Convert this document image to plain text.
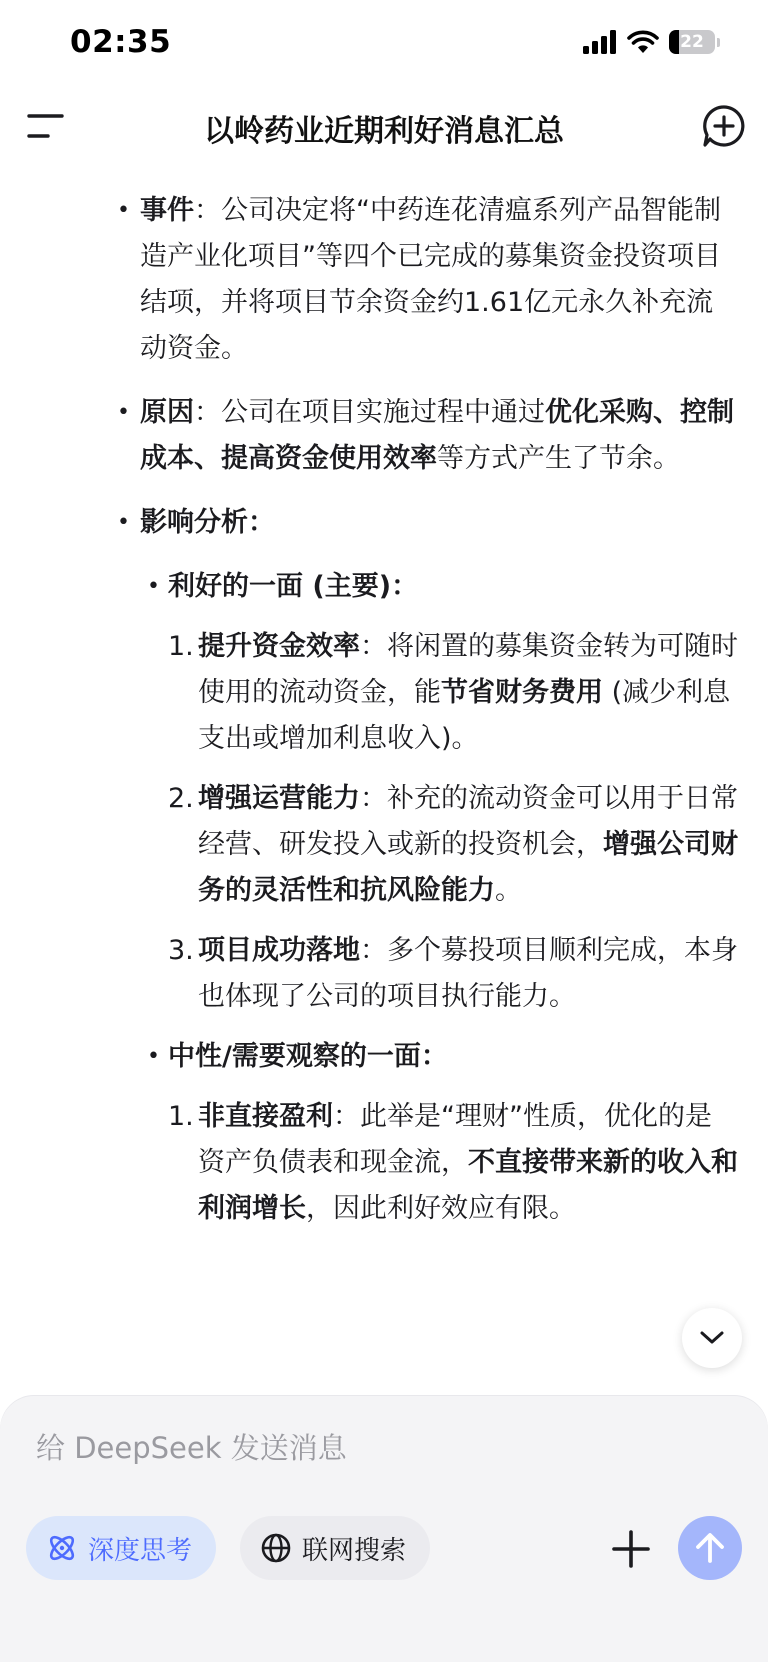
02:35	22
以岭药业近期利好消息汇总
• 事件：公司决定将“中药连花清瘟系列产品智能制造产业化项目”等四个已完成的募集资金投资项目结项，并将项目节余资金约1.61亿元永久补充流动资金。
• 原因：公司在项目实施过程中通过优化采购、控制成本、提高资金使用效率等方式产生了节余。
• 影响分析：
• 利好的一面 (主要)：
1. 提升资金效率：将闲置的募集资金转为可随时使用的流动资金，能节省财务费用 (减少利息支出或增加利息收入)。
2. 增强运营能力：补充的流动资金可以用于日常经营、研发投入或新的投资机会，增强公司财务的灵活性和抗风险能力。
3. 项目成功落地：多个募投项目顺利完成，本身也体现了公司的项目执行能力。
• 中性/需要观察的一面：
1. 非直接盈利：此举是“理财”性质，优化的是资产负债表和现金流，不直接带来新的收入和利润增长，因此利好效应有限。
给 DeepSeek 发送消息
深度思考	联网搜索
